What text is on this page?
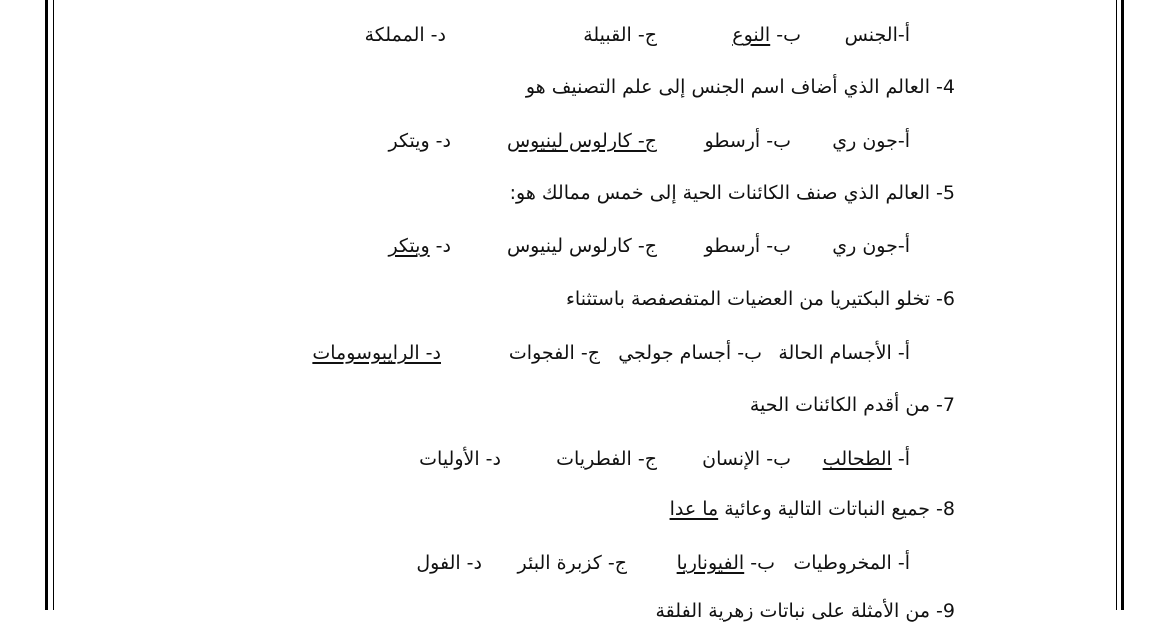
أ-الجنس
ب- النوع
ج- القبيلة
د- المملكة
4- العالم الذي أضاف اسم الجنس إلى علم التصنيف هو
أ-جون ري
ب- أرسطو
ج- كارلوس لينيوس
د- ويتكر
5- العالم الذي صنف الكائنات الحية إلى خمس ممالك هو:
أ-جون ري
ب- أرسطو
ج- كارلوس لينيوس
د- ويتكر
6- تخلو البكتيريا من العضيات المتفصفصة باستثناء
أ- الأجسام الحالة
ب- أجسام جولجي
ج- الفجوات
د- الرايبوسومات
7- من أقدم الكائنات الحية
أ- الطحالب
ب- الإنسان
ج- الفطريات
د- الأوليات
8- جميع النباتات التالية وعائية ما عدا
أ- المخروطيات
ب- الفيوناريا
ج- كزبرة البئر
د- الفول
9- من الأمثلة على نباتات زهرية الفلقة
